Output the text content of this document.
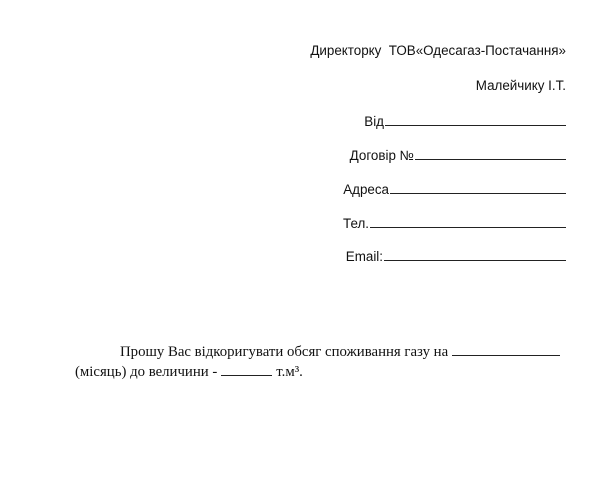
Директорку  ТОВ«Одесагаз-Постачання»
Малейчику І.Т.
Від
Договір №
Адреса
Тел.
Email:
Прошу Вас відкоригувати обсяг споживання газу на
(місяць) до величини -	т.м³.
